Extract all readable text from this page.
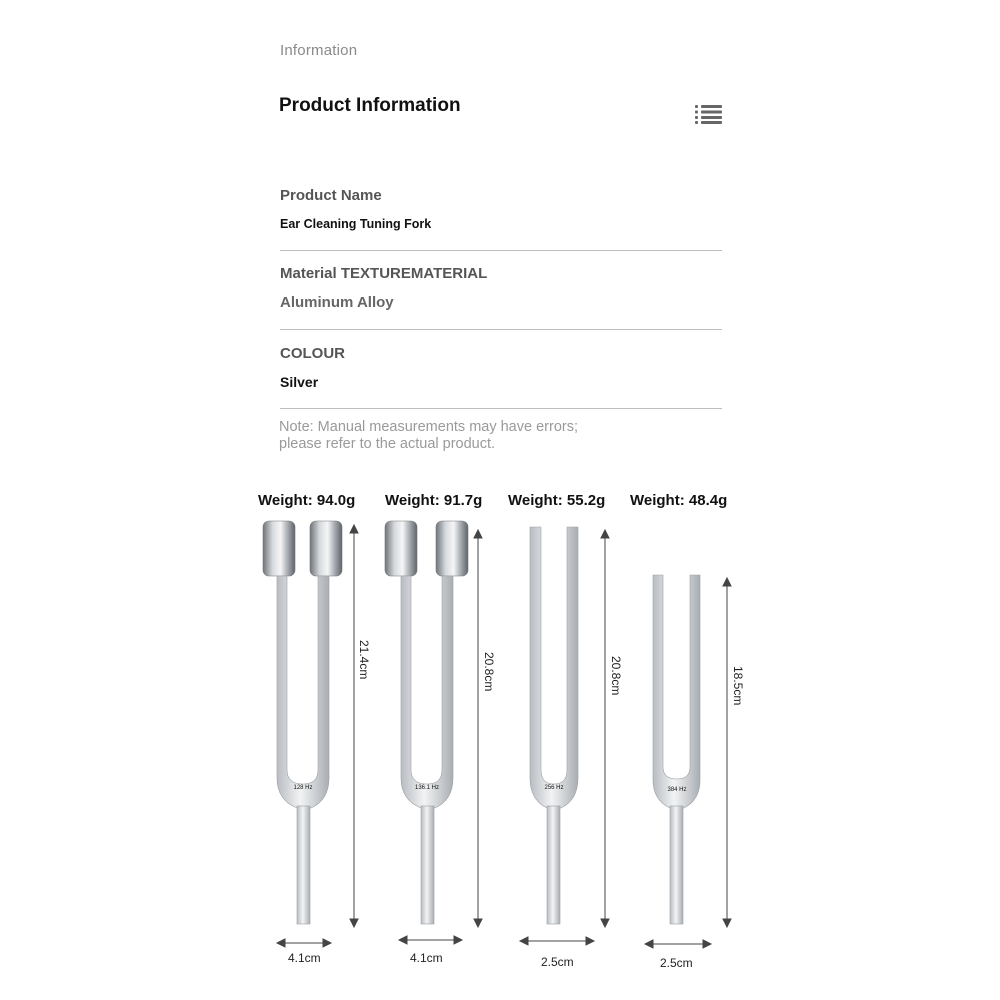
Information
Product Information
Product Name
Ear Cleaning Tuning Fork
Material TEXTUREMATERIAL
Aluminum Alloy
COLOUR
Silver
Note: Manual measurements may have errors;
please refer to the actual product.
Weight: 94.0g Weight: 91.7g Weight: 55.2g Weight: 48.4g
128 Hz	136.1 Hz	256 Hz	384 Hz
21.4cm	20.8cm	20.8cm	18.5cm
4.1cm	4.1cm	2.5cm	2.5cm
